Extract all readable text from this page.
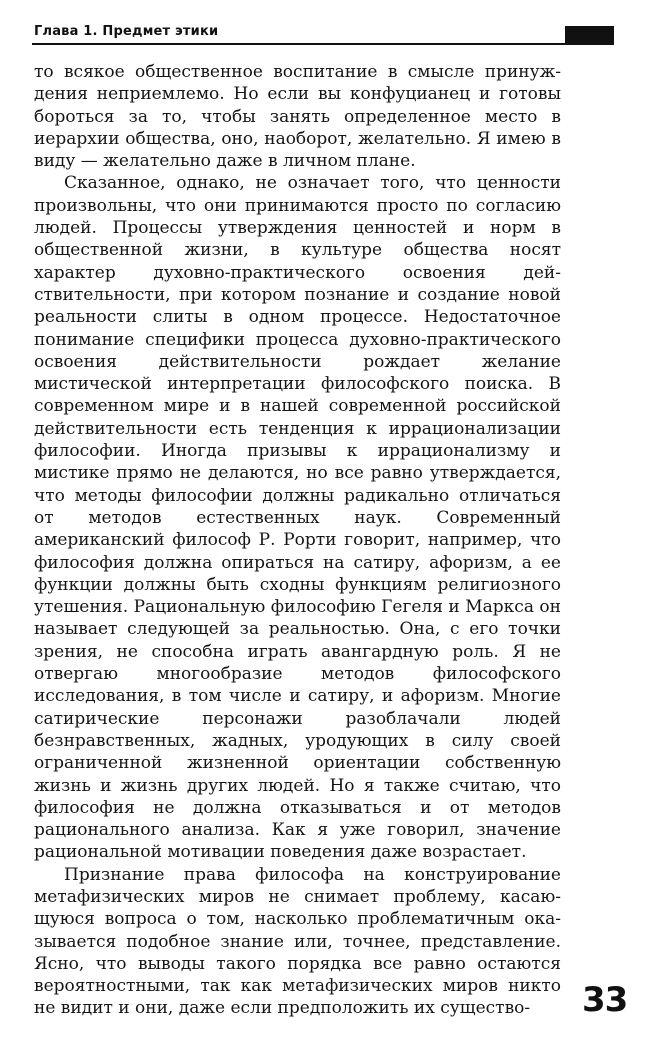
Глава 1. Предмет этики

то всякое общественное воспитание в смысле принуждения неприемлемо. Но если вы конфуцианец и готовы бороться за то, чтобы занять определенное место в иерархии общества, оно, наоборот, желательно. Я имею в виду — желательно даже в личном плане.

Сказанное, однако, не означает того, что ценности произвольны, что они принимаются просто по согласию людей. Процессы утверждения ценностей и норм в общественной жизни, в культуре общества носят характер духовно-практического освоения действительности, при котором познание и создание новой реальности слиты в одном процессе. Недостаточное понимание специфики процесса духовно-практического освоения действительности рождает желание мистической интерпретации философского поиска. В современном мире и в нашей современной российской действительности есть тенденция к иррационализации философии. Иногда призывы к иррационализму и мистике прямо не делаются, но все равно утверждается, что методы философии должны радикально отличаться от методов естественных наук. Современный американский философ Р. Рорти говорит, например, что философия должна опираться на сатиру, афоризм, а ее функции должны быть сходны функциям религиозного утешения. Рациональную философию Гегеля и Маркса он называет следующей за реальностью. Она, с его точки зрения, не способна играть авангардную роль. Я не отвергаю многообразие методов философского исследования, в том числе и сатиру, и афоризм. Многие сатирические персонажи разоблачали людей безнравственных, жадных, уродующих в силу своей ограниченной жизненной ориентации собственную жизнь и жизнь других людей. Но я также считаю, что философия не должна отказываться и от методов рационального анализа. Как я уже говорил, значение рациональной мотивации поведения даже возрастает.

Признание права философа на конструирование метафизических миров не снимает проблему, касающуюся вопроса о том, насколько проблематичным оказывается подобное знание или, точнее, представление. Ясно, что выводы такого порядка все равно остаются вероятностными, так как метафизических миров никто не видит и они, даже если предположить их существо-	33
